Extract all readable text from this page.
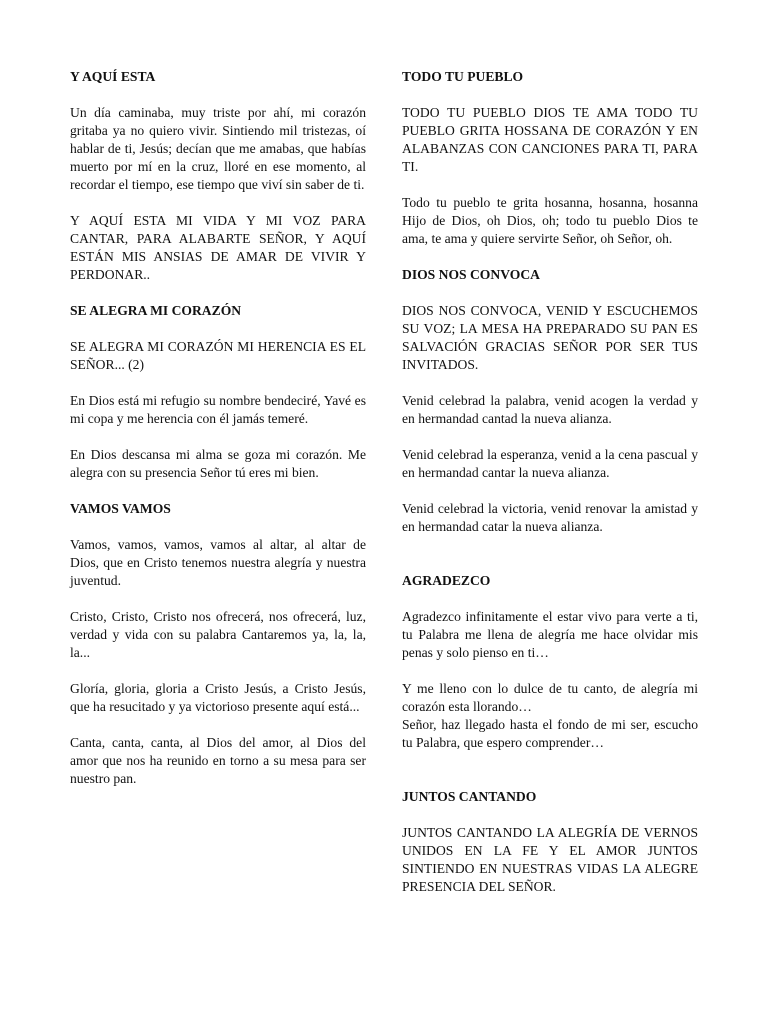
Y AQUÍ ESTA

Un día caminaba, muy triste por ahí, mi corazón gritaba ya no quiero vivir. Sintiendo mil tristezas, oí hablar de ti, Jesús; decían que me amabas, que habías muerto por mí en la cruz, lloré en ese momento, al recordar el tiempo, ese tiempo que viví sin saber de ti.

Y AQUÍ ESTA MI VIDA Y MI VOZ PARA CANTAR, PARA ALABARTE SEÑOR, Y AQUÍ ESTÁN MIS ANSIAS DE AMAR DE VIVIR Y PERDONAR..

SE ALEGRA MI CORAZÓN

SE ALEGRA MI CORAZÓN MI HERENCIA ES EL SEÑOR... (2)

En Dios está mi refugio su nombre bendeciré, Yavé es mi copa y me herencia con él jamás temeré.

En Dios descansa mi alma se goza mi corazón. Me alegra con su presencia Señor tú eres mi bien.

VAMOS VAMOS

Vamos, vamos, vamos, vamos al altar, al altar de Dios, que en Cristo tenemos nuestra alegría y nuestra juventud.

Cristo, Cristo, Cristo nos ofrecerá, nos ofrecerá, luz, verdad y vida con su palabra Cantaremos ya, la, la, la...

Gloría, gloria, gloria a Cristo Jesús, a Cristo Jesús, que ha resucitado y ya victorioso presente aquí está...

Canta, canta, canta, al Dios del amor, al Dios del amor que nos ha reunido en torno a su mesa para ser nuestro pan.

TODO TU PUEBLO

TODO TU PUEBLO DIOS TE AMA TODO TU PUEBLO GRITA HOSSANA DE CORAZÓN Y EN ALABANZAS CON CANCIONES PARA TI, PARA TI.

Todo tu pueblo te grita hosanna, hosanna, hosanna Hijo de Dios, oh Dios, oh; todo tu pueblo Dios te ama, te ama y quiere servirte Señor, oh Señor, oh.

DIOS NOS CONVOCA

DIOS NOS CONVOCA, VENID Y ESCUCHEMOS SU VOZ; LA MESA HA PREPARADO SU PAN ES SALVACIÓN GRACIAS SEÑOR POR SER TUS INVITADOS.

Venid celebrad la palabra, venid acogen la verdad y en hermandad cantad la nueva alianza.

Venid celebrad la esperanza, venid a la cena pascual y en hermandad cantar la nueva alianza.

Venid celebrad la victoria, venid renovar la amistad y en hermandad catar la nueva alianza.

AGRADEZCO

Agradezco infinitamente el estar vivo para verte a ti, tu Palabra me llena de alegría me hace olvidar mis penas y solo pienso en ti…

Y me lleno con lo dulce de tu canto, de alegría mi corazón esta llorando…
Señor, haz llegado hasta el fondo de mi ser, escucho tu Palabra, que espero comprender…

JUNTOS CANTANDO

JUNTOS CANTANDO LA ALEGRÍA DE VERNOS UNIDOS EN LA FE Y EL AMOR JUNTOS SINTIENDO EN NUESTRAS VIDAS LA ALEGRE PRESENCIA DEL SEÑOR.
